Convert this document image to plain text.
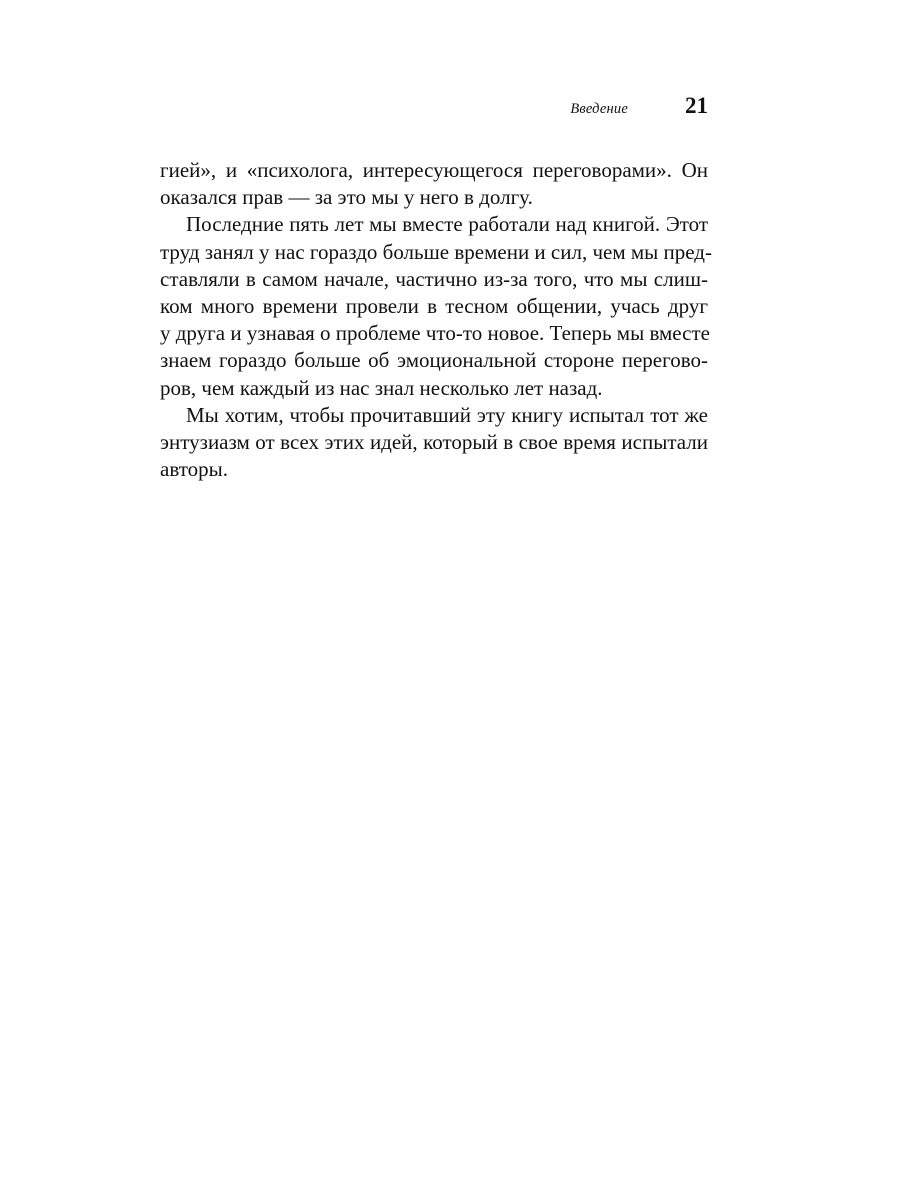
Введение 21
гией», и «психолога, интересующегося переговорами». Он
оказался прав — за это мы у него в долгу.
Последние пять лет мы вместе работали над книгой. Этот
труд занял у нас гораздо больше времени и сил, чем мы пред-
ставляли в самом начале, частично из-за того, что мы слиш-
ком много времени провели в тесном общении, учась друг
у друга и узнавая о проблеме что-то новое. Теперь мы вместе
знаем гораздо больше об эмоциональной стороне перегово-
ров, чем каждый из нас знал несколько лет назад.
Мы хотим, чтобы прочитавший эту книгу испытал тот же
энтузиазм от всех этих идей, который в свое время испытали
авторы.
